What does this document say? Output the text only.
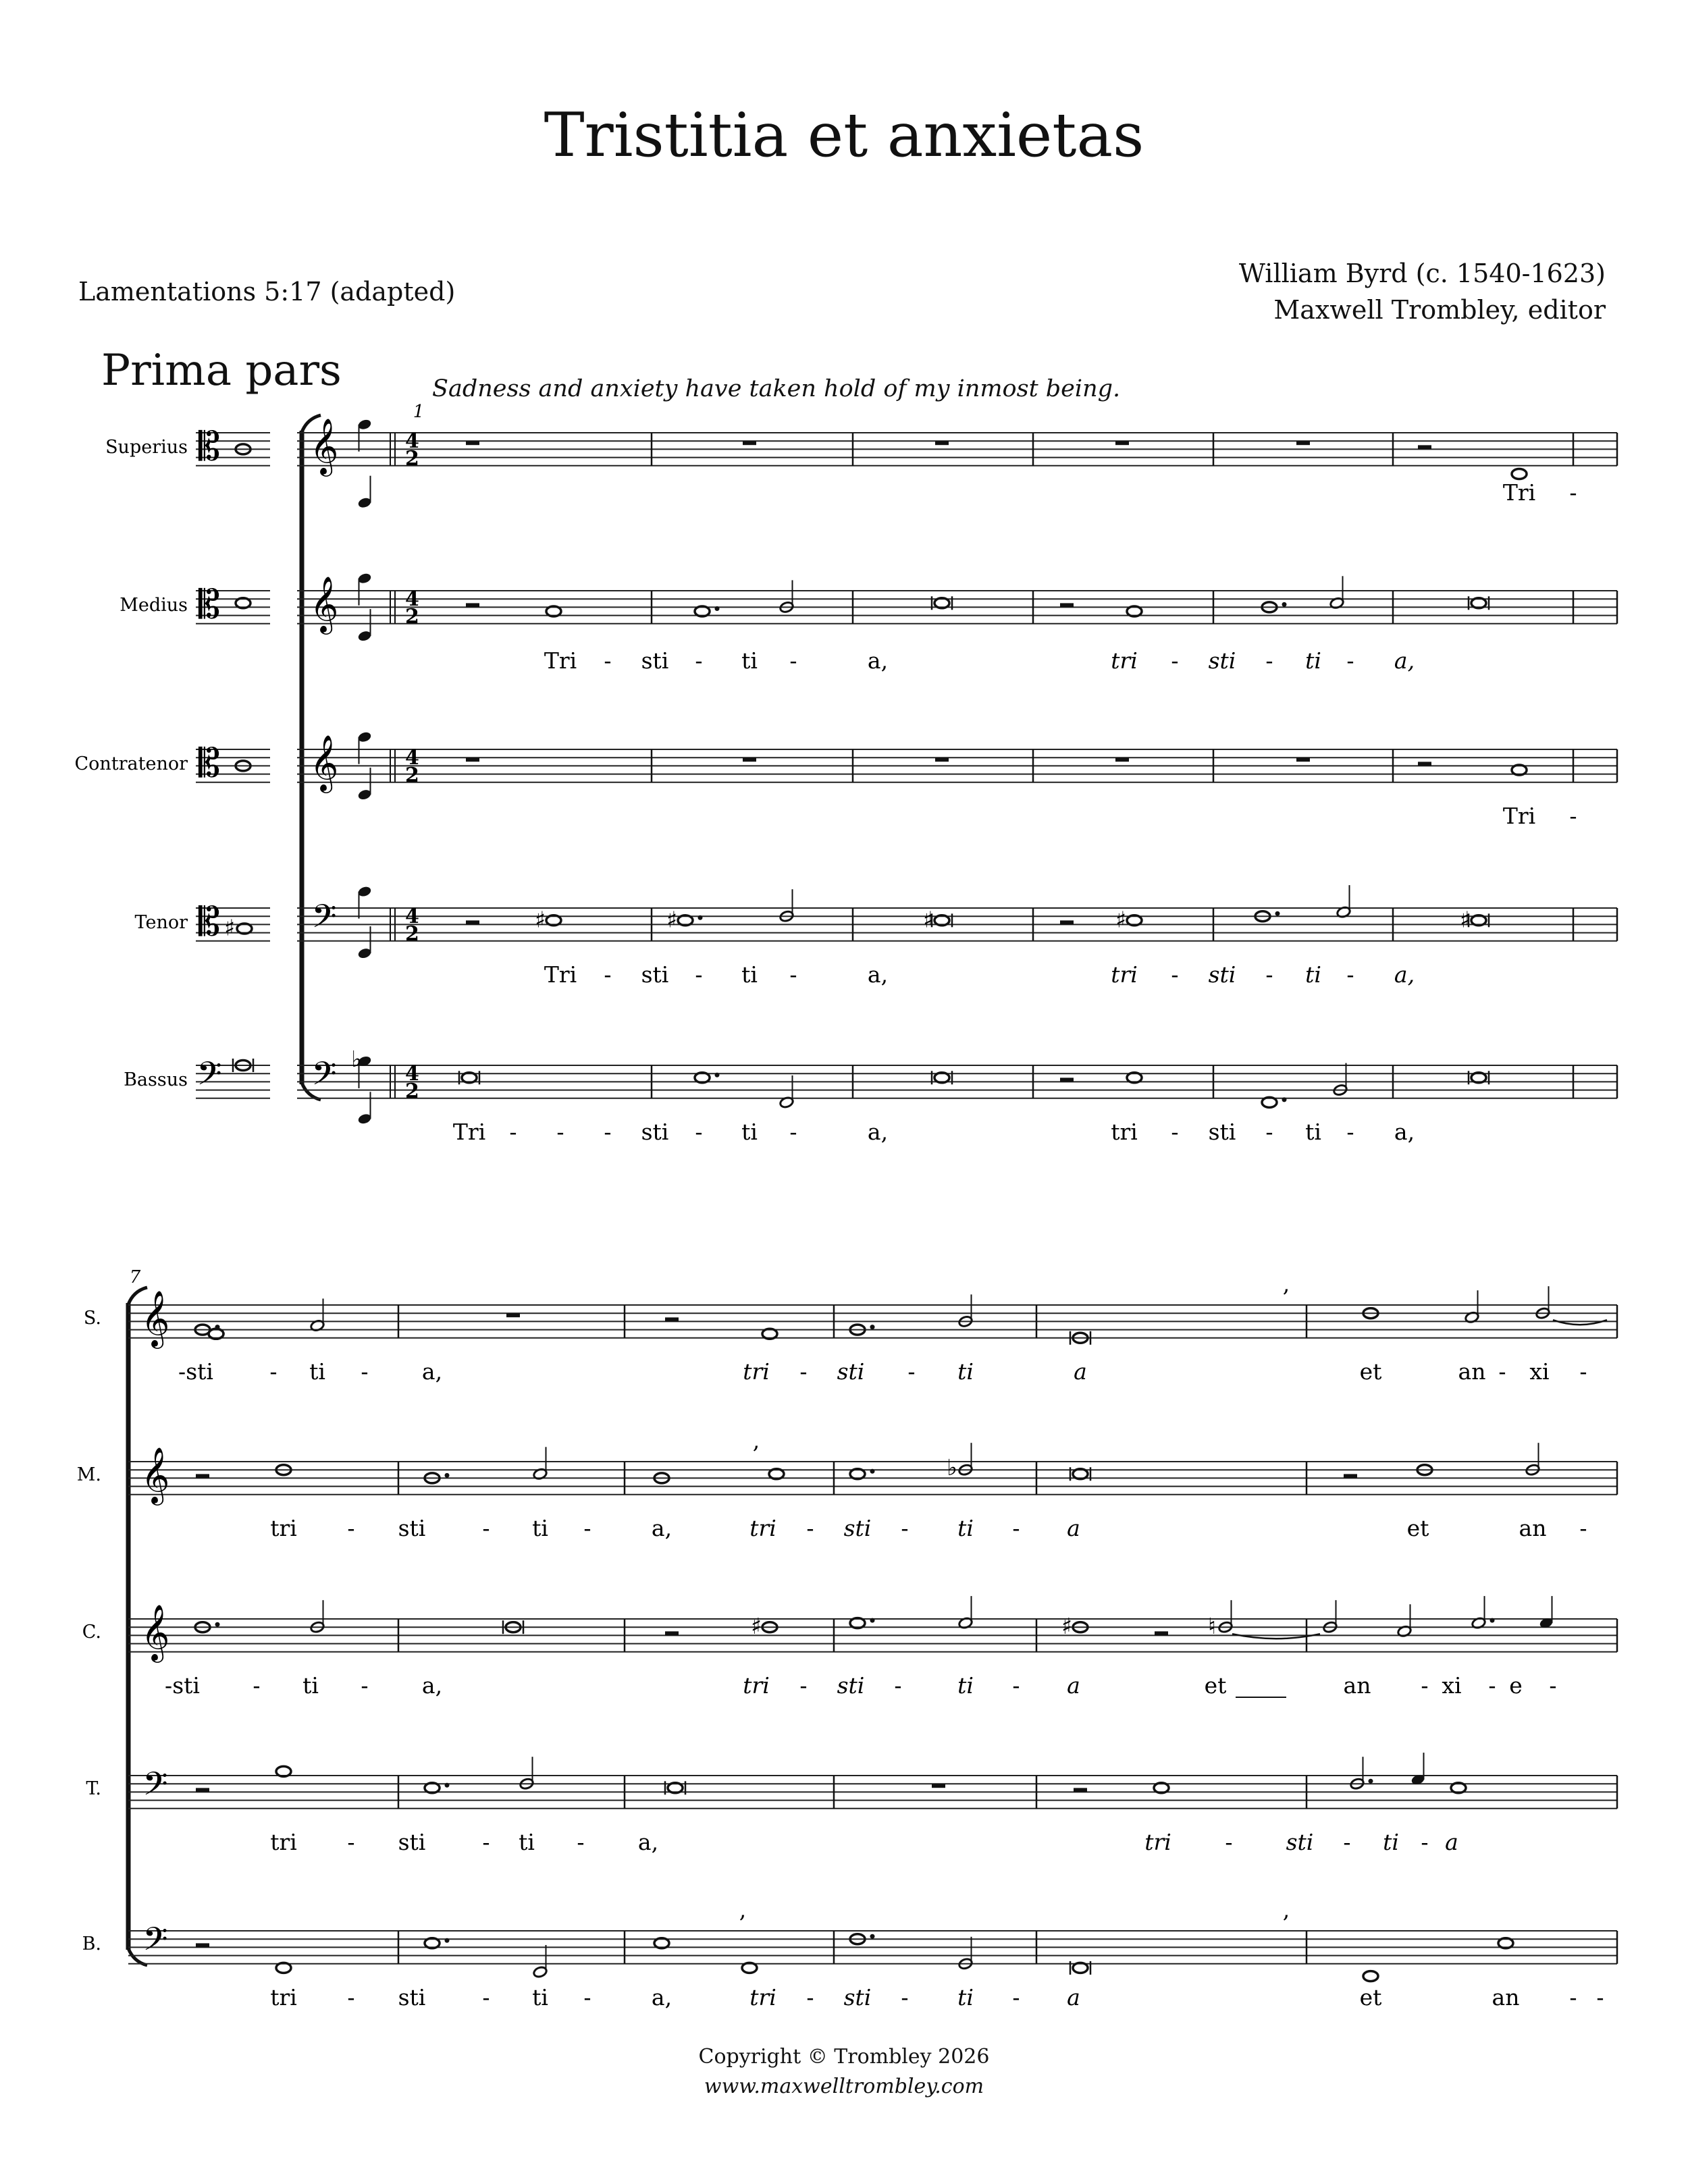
Tristitia et anxietas
Lamentations 5:17 (adapted)
William Byrd (c. 1540-1623)
Maxwell Trombley, editor
Prima pars	Sadness and anxiety have taken hold of my inmost being.
1
𝄡
Superius	𝄞	4
2
𝄡
Medius	𝄞	4
2
𝄡
Contratenor	𝄞	4
2
𝄡
Tenor	𝄢	4
2
𝄢
Bassus	𝄢	4
2
♯
♭
♯	♯	♯	♯	♯
Tri -
Tri - sti - ti -	a,	tri - sti - ti - a,
Tri -
Tri - sti - ti -	a,	tri - sti - ti - a,
Tri - - - sti - ti -	a,	tri - sti - ti - a,
7
S. 𝄞
M. 𝄞
C. 𝄞
T. 𝄢
B. 𝄢
,
,
♭
♯	♯	♮
,	,
-sti	- ti - a,	tri - sti - ti	a	et	an - xi -
tri - sti	- ti -	a,	tri - sti - ti - a	et	an -
-sti - ti - a,	tri - sti -	ti - a	et	an - xi - e -
tri - sti	- ti - a,	tri - sti - ti - a
tri - sti	- ti -	a,	tri - sti - ti - a	et	an - -
Copyright © Trombley 2026
www.maxwelltrombley.com
